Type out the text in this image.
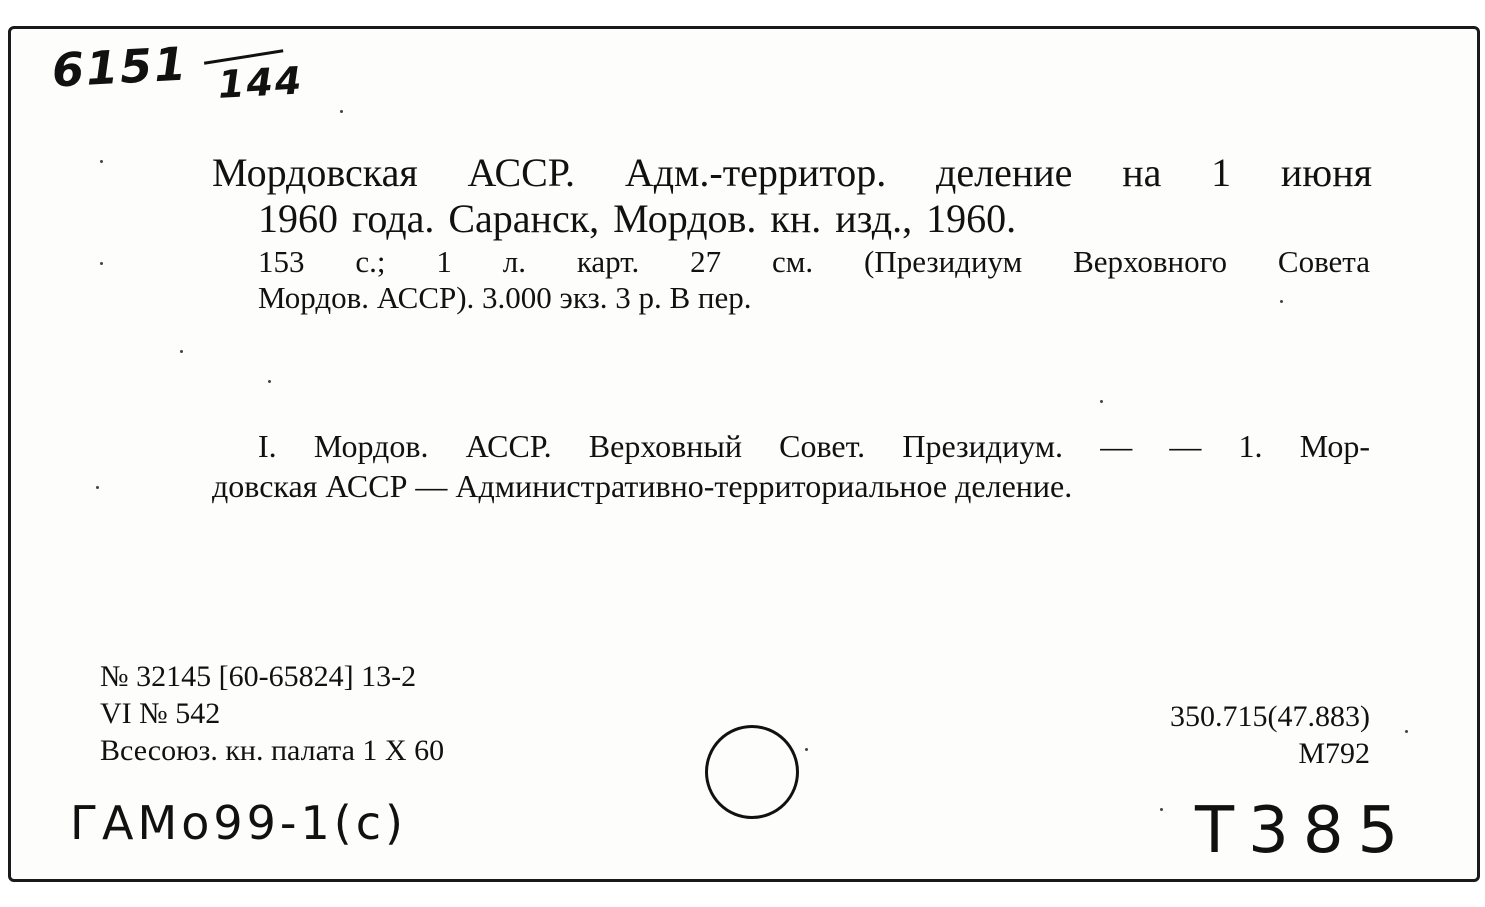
6151 144
Мордовская АССР. Адм.-территор. деление на 1 июня
1960 года. Саранск, Мордов. кн. изд., 1960.
153 с.; 1 л. карт. 27 см. (Президиум Верховного Совета
Мордов. АССР). 3.000 экз. 3 р. В пер.
I. Мордов. АССР. Верховный Совет. Президиум. — — 1. Мор-
довская АССР — Административно-территориальное деление.
№ 32145 [60-65824] 13-2
VI № 542
Всесоюз. кн. палата 1 X 60
350.715(47.883)
М792
ГАМо99-1(с)	Т385
